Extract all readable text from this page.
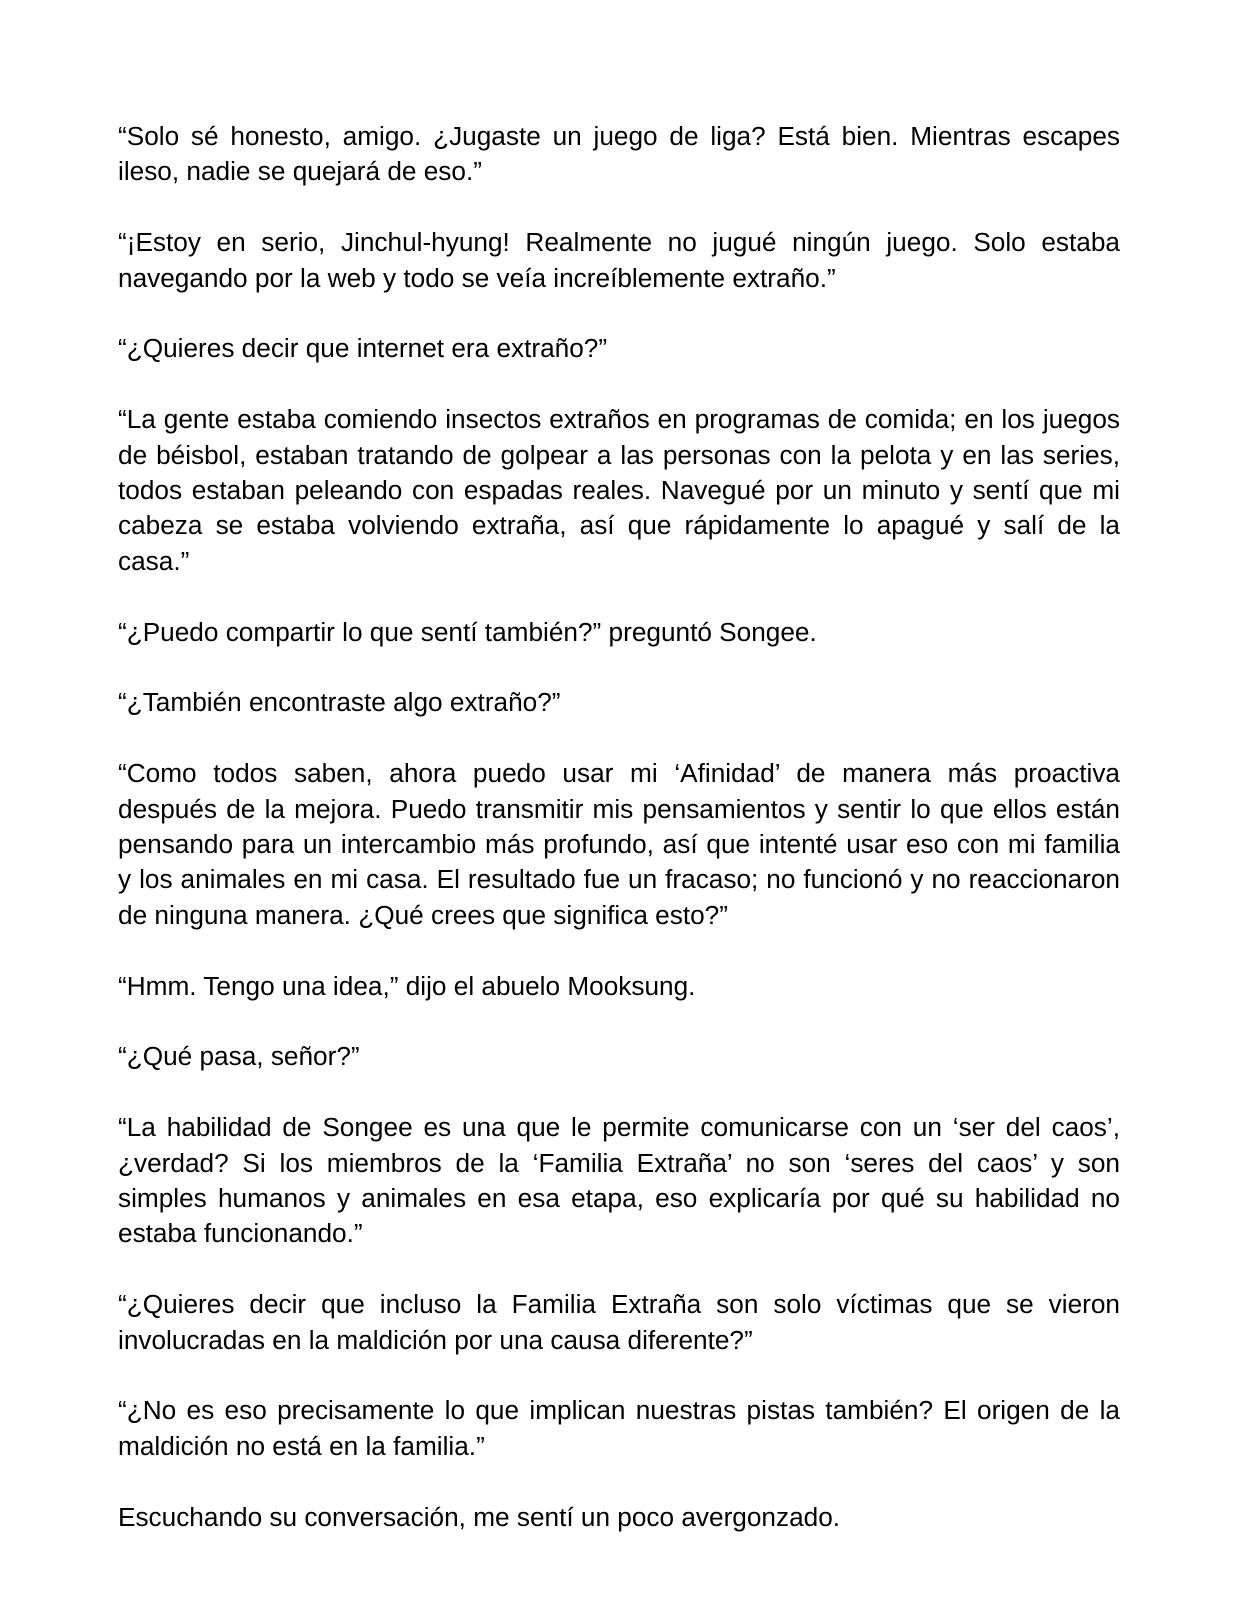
“Solo sé honesto, amigo. ¿Jugaste un juego de liga? Está bien. Mientras escapes ileso, nadie se quejará de eso.”

“¡Estoy en serio, Jinchul-hyung! Realmente no jugué ningún juego. Solo estaba navegando por la web y todo se veía increíblemente extraño.”

“¿Quieres decir que internet era extraño?”

“La gente estaba comiendo insectos extraños en programas de comida; en los juegos de béisbol, estaban tratando de golpear a las personas con la pelota y en las series, todos estaban peleando con espadas reales. Navegué por un minuto y sentí que mi cabeza se estaba volviendo extraña, así que rápidamente lo apagué y salí de la casa.”

“¿Puedo compartir lo que sentí también?” preguntó Songee.

“¿También encontraste algo extraño?”

“Como todos saben, ahora puedo usar mi ‘Afinidad’ de manera más proactiva después de la mejora. Puedo transmitir mis pensamientos y sentir lo que ellos están pensando para un intercambio más profundo, así que intenté usar eso con mi familia y los animales en mi casa. El resultado fue un fracaso; no funcionó y no reaccionaron de ninguna manera. ¿Qué crees que significa esto?”

“Hmm. Tengo una idea,” dijo el abuelo Mooksung.

“¿Qué pasa, señor?”

“La habilidad de Songee es una que le permite comunicarse con un ‘ser del caos’, ¿verdad? Si los miembros de la ‘Familia Extraña’ no son ‘seres del caos’ y son simples humanos y animales en esa etapa, eso explicaría por qué su habilidad no estaba funcionando.”

“¿Quieres decir que incluso la Familia Extraña son solo víctimas que se vieron involucradas en la maldición por una causa diferente?”

“¿No es eso precisamente lo que implican nuestras pistas también? El origen de la maldición no está en la familia.”

Escuchando su conversación, me sentí un poco avergonzado.
